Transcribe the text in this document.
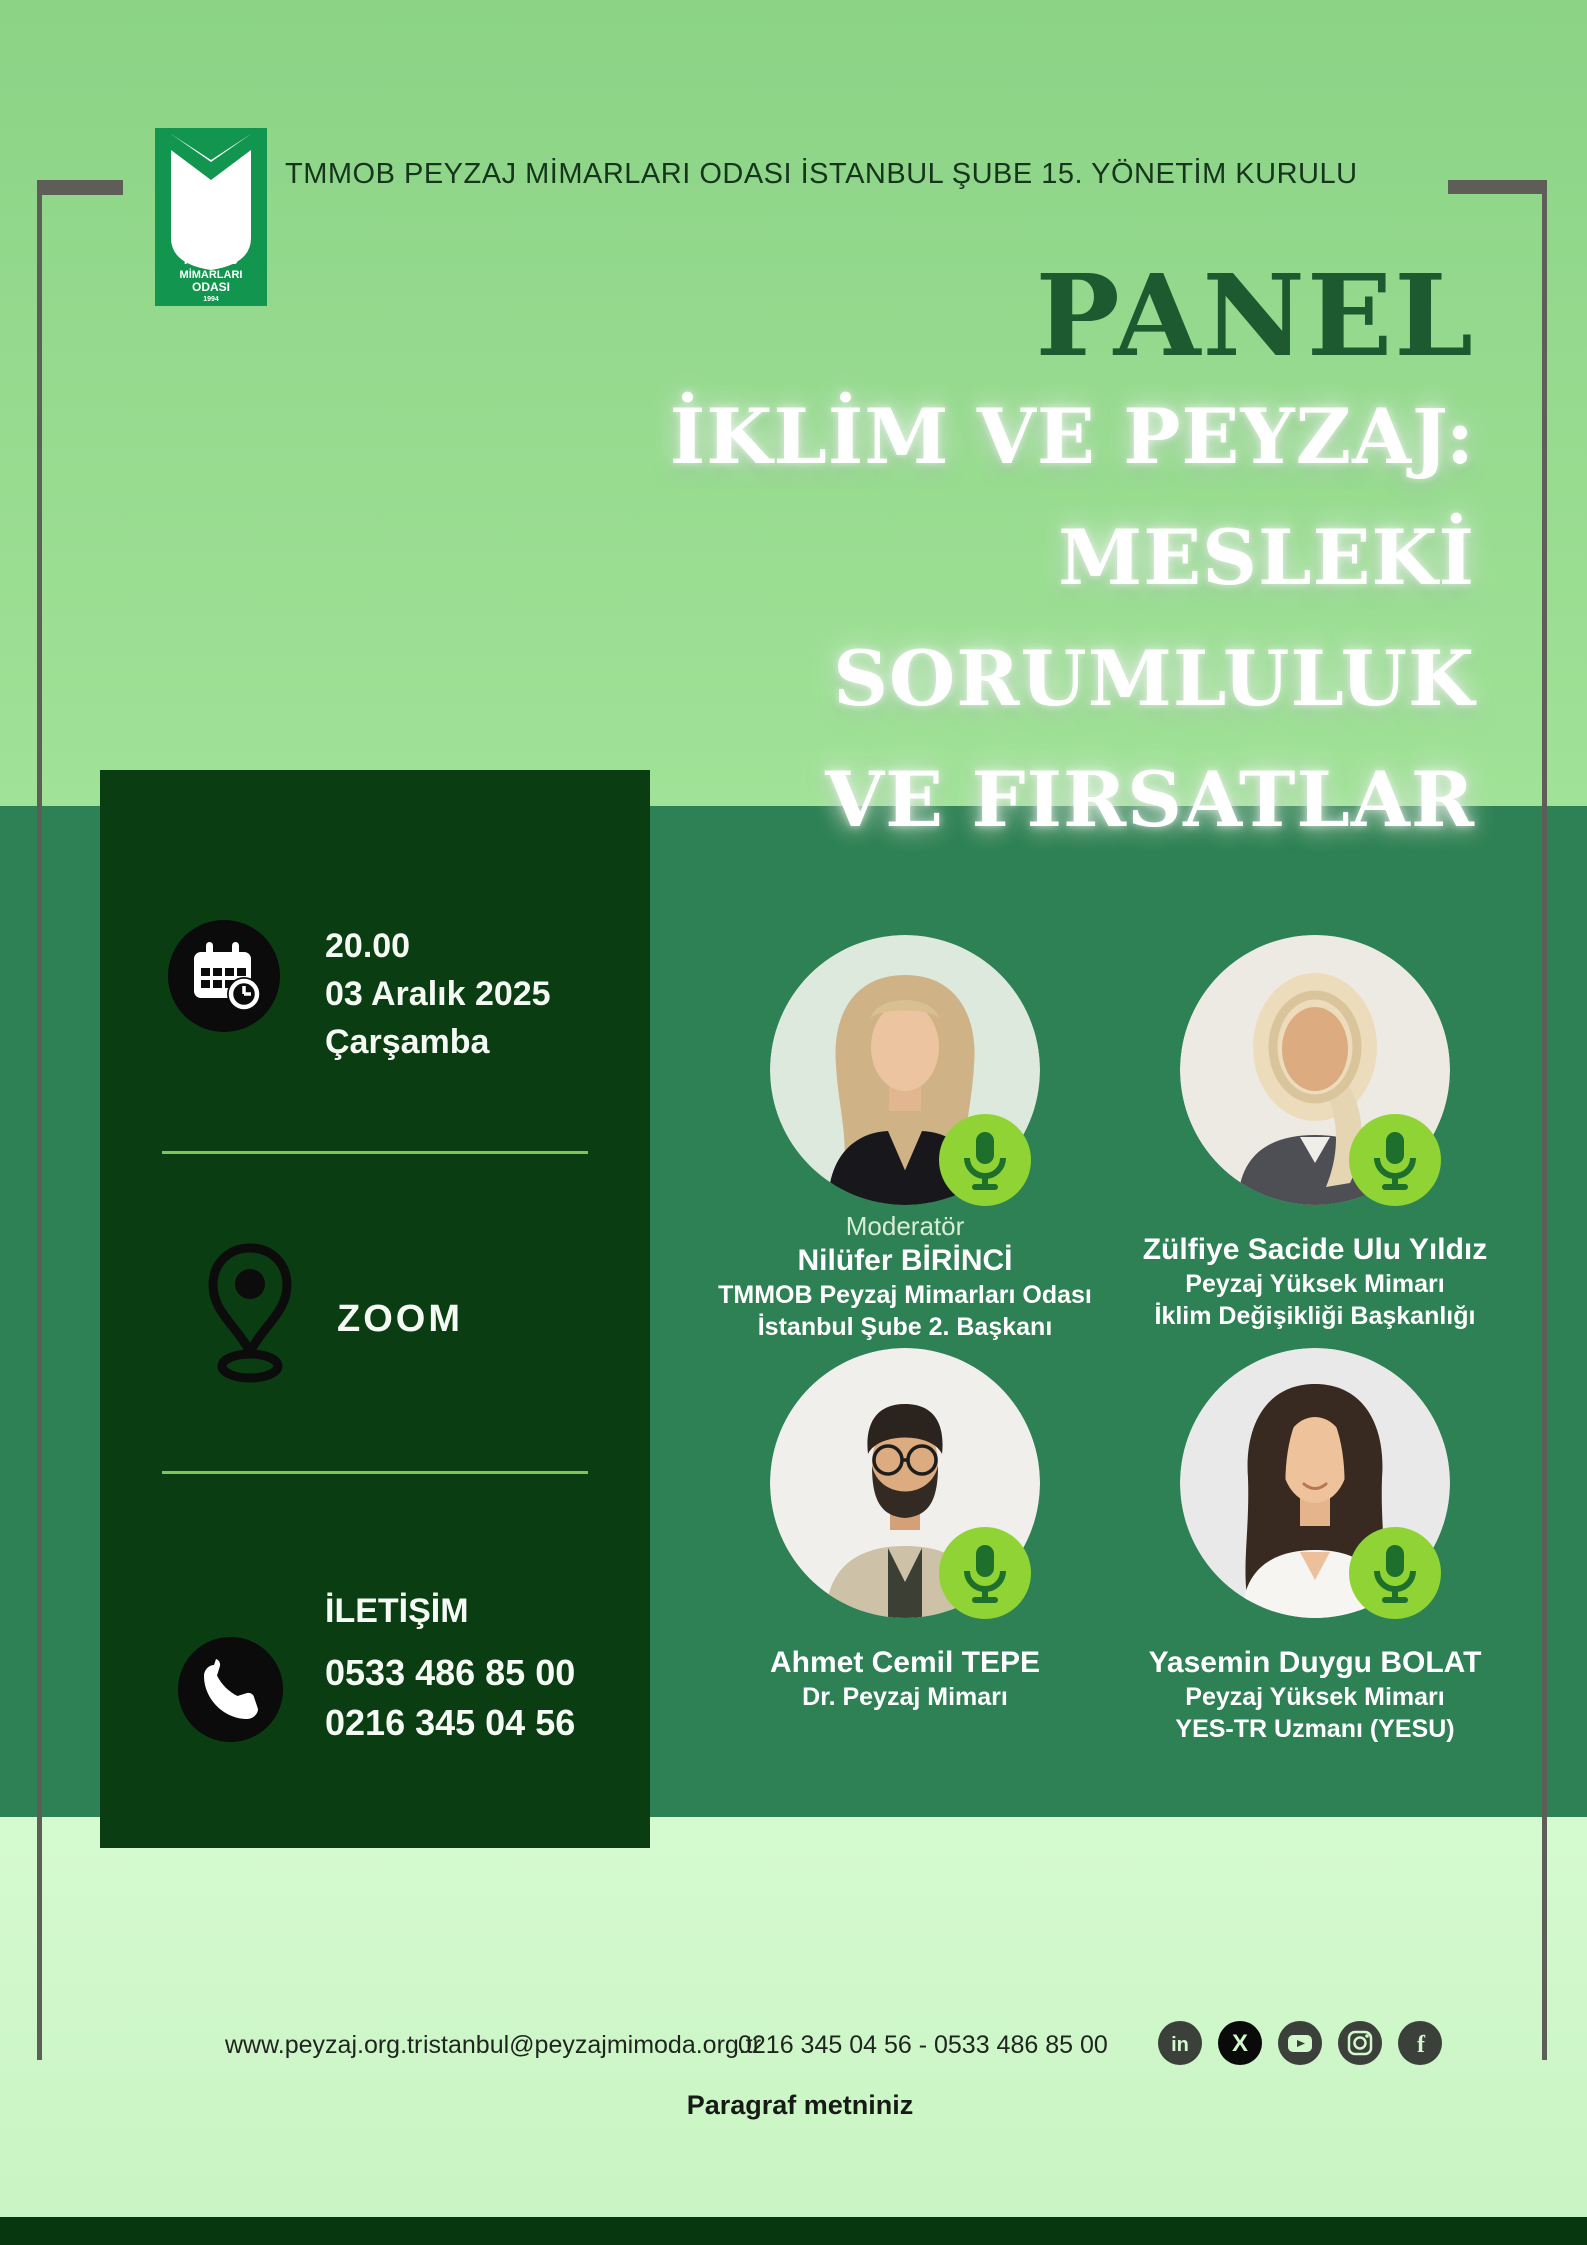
TMMOB
PEYZAJ
MİMARLARI
ODASI
1994
TMMOB PEYZAJ MİMARLARI ODASI İSTANBUL ŞUBE 15. YÖNETİM KURULU
PANEL
İKLİM VE PEYZAJ:
MESLEKİ SORUMLULUK
VE FIRSATLAR
20.00
03 Aralık 2025
Çarşamba
ZOOM
İLETİŞİM
0533 486 85 00
0216 345 04 56
Moderatör
Nilüfer BİRİNCİ
TMMOB Peyzaj Mimarları Odası
İstanbul Şube 2. Başkanı
Zülfiye Sacide Ulu Yıldız
Peyzaj Yüksek Mimarı
İklim Değişikliği Başkanlığı
Ahmet Cemil TEPE
Dr. Peyzaj Mimarı
Yasemin Duygu BOLAT
Peyzaj Yüksek Mimarı
YES-TR Uzmanı (YESU)
www.peyzaj.org.tr istanbul@peyzajmimoda.org.tr
0216 345 04 56 - 0533 486 85 00
Paragraf metniniz
in X	f
